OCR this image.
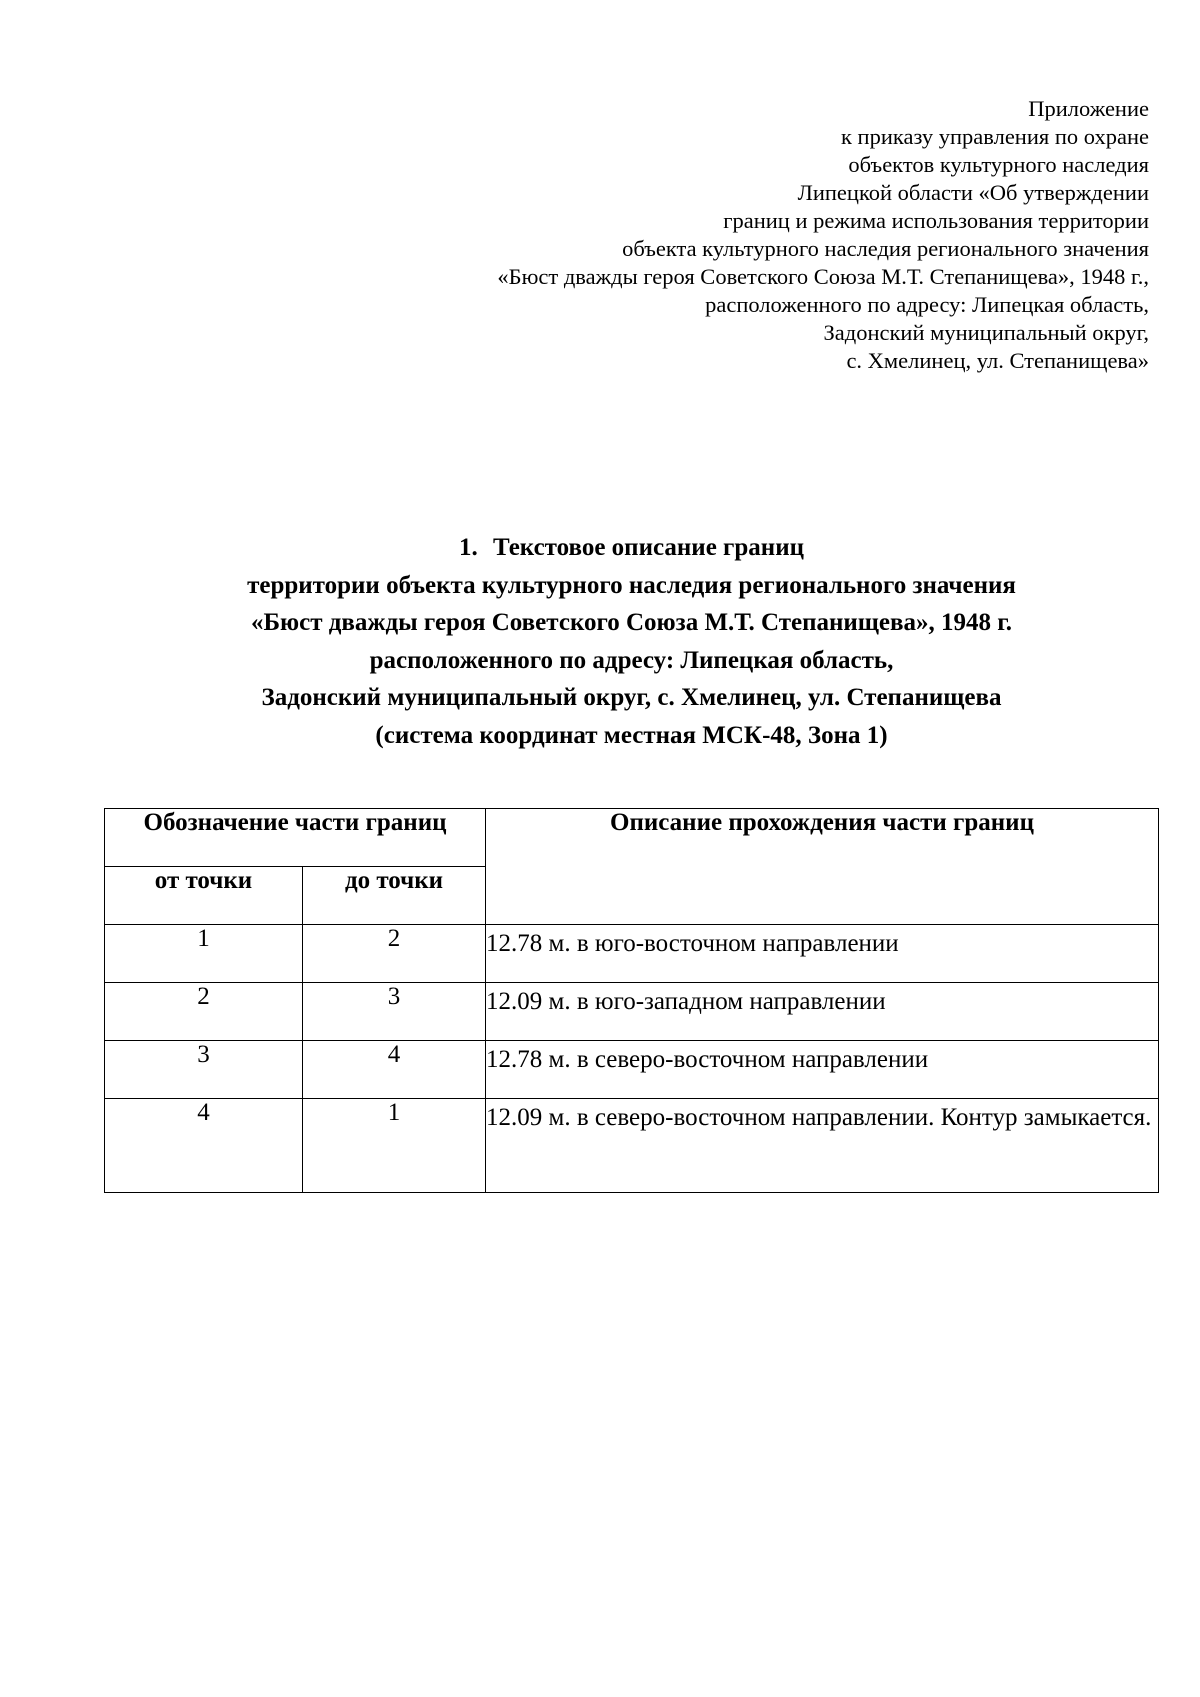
Приложение
к приказу управления по охране
объектов культурного наследия
Липецкой области «Об утверждении
границ и режима использования территории
объекта культурного наследия регионального значения
«Бюст дважды героя Советского Союза М.Т. Степанищева», 1948 г.,
расположенного по адресу: Липецкая область,
Задонский муниципальный округ,
с. Хмелинец, ул. Степанищева»
1. Текстовое описание границ
территории объекта культурного наследия регионального значения
«Бюст дважды героя Советского Союза М.Т. Степанищева», 1948 г.
расположенного по адресу: Липецкая область,
Задонский муниципальный округ, с. Хмелинец, ул. Степанищева
(система координат местная МСК-48, Зона 1)
Обозначение части границ		Описание прохождения части границ
от точки	до точки	
1	2	12.78 м. в юго-восточном направлении
2	3	12.09 м. в юго-западном направлении
3	4	12.78 м. в северо-восточном направлении
4	1	12.09 м. в северо-восточном направлении. Контур замыкается.
